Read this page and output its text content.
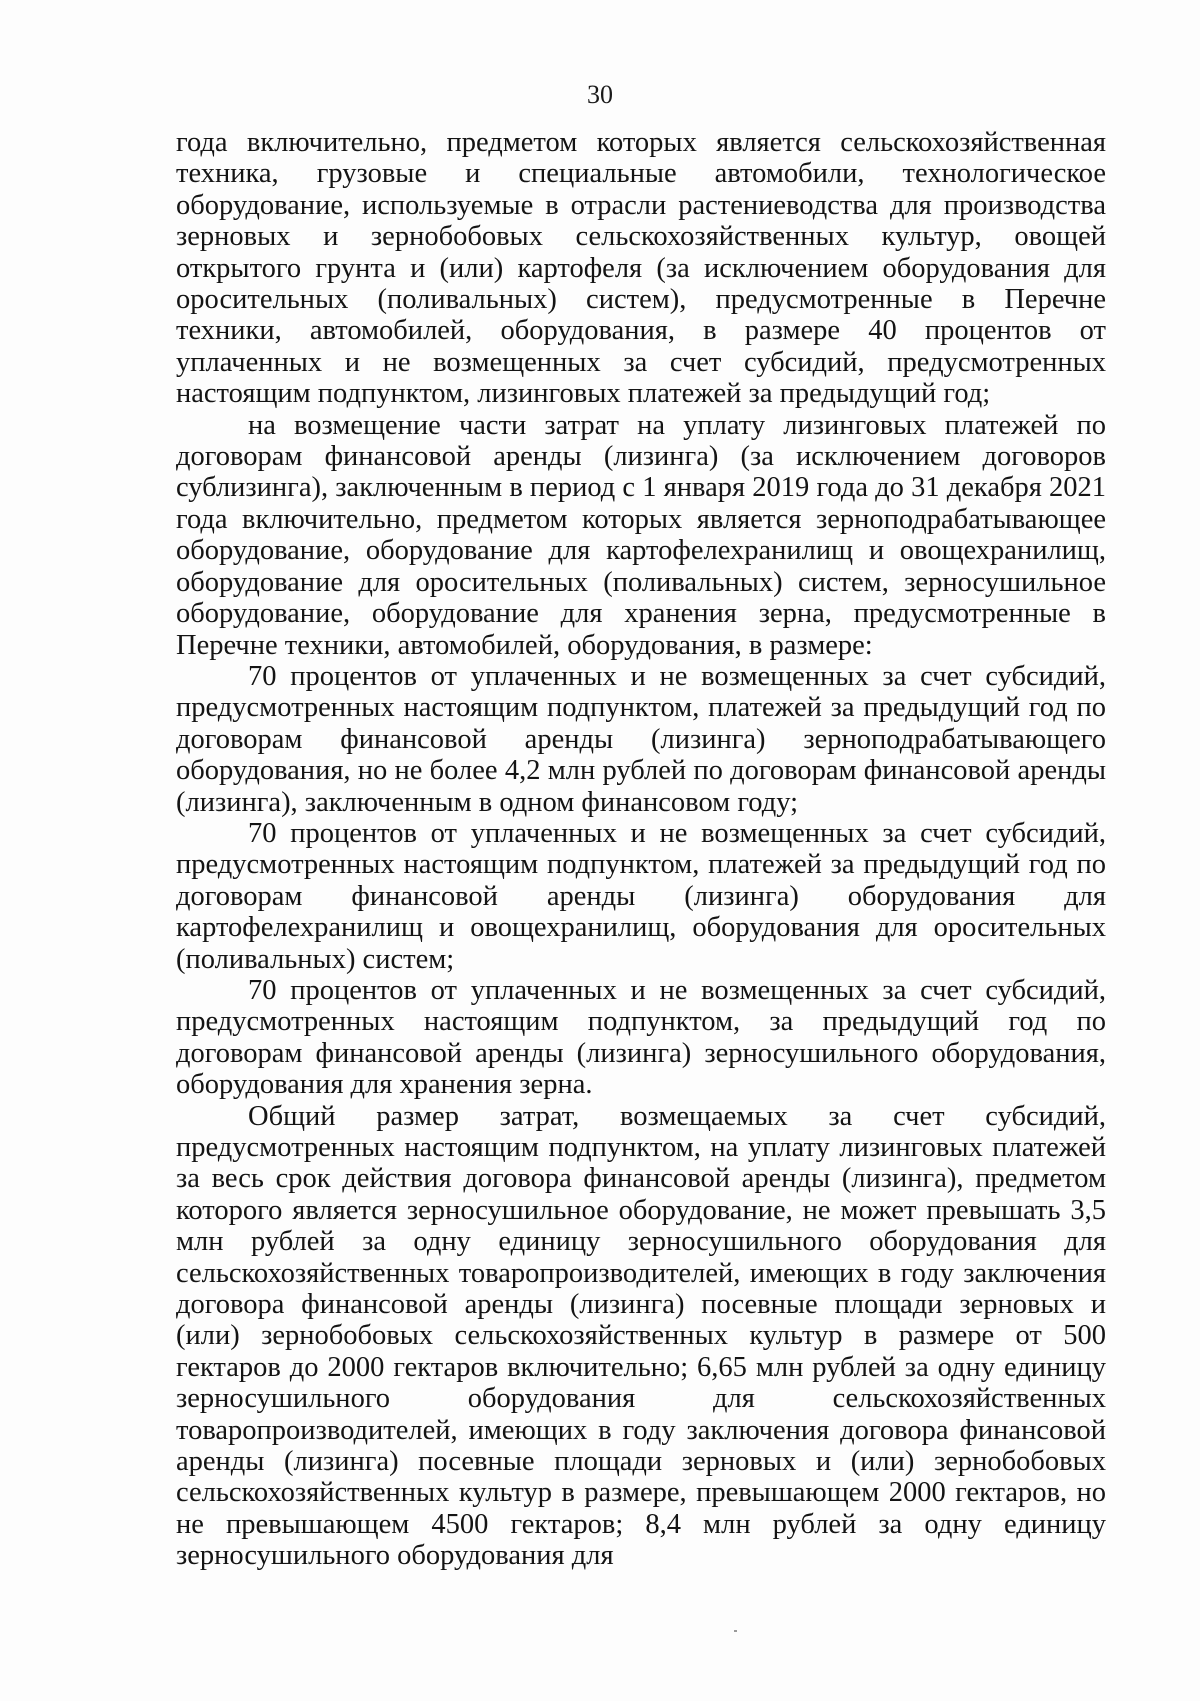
30

года включительно, предметом которых является сельскохозяйственная техника, грузовые и специальные автомобили, технологическое оборудование, используемые в отрасли растениеводства для производства зерновых и зернобобовых сельскохозяйственных культур, овощей открытого грунта и (или) картофеля (за исключением оборудования для оросительных (поливальных) систем), предусмотренные в Перечне техники, автомобилей, оборудования, в размере 40 процентов от уплаченных и не возмещенных за счет субсидий, предусмотренных настоящим подпунктом, лизинговых платежей за предыдущий год;

на возмещение части затрат на уплату лизинговых платежей по договорам финансовой аренды (лизинга) (за исключением договоров сублизинга), заключенным в период с 1 января 2019 года до 31 декабря 2021 года включительно, предметом которых является зерноподрабатывающее оборудование, оборудование для картофелехранилищ и овощехранилищ, оборудование для оросительных (поливальных) систем, зерносушильное оборудование, оборудование для хранения зерна, предусмотренные в Перечне техники, автомобилей, оборудования, в размере:

70 процентов от уплаченных и не возмещенных за счет субсидий, предусмотренных настоящим подпунктом, платежей за предыдущий год по договорам финансовой аренды (лизинга) зерноподрабатывающего оборудования, но не более 4,2 млн рублей по договорам финансовой аренды (лизинга), заключенным в одном финансовом году;

70 процентов от уплаченных и не возмещенных за счет субсидий, предусмотренных настоящим подпунктом, платежей за предыдущий год по договорам финансовой аренды (лизинга) оборудования для картофелехранилищ и овощехранилищ, оборудования для оросительных (поливальных) систем;

70 процентов от уплаченных и не возмещенных за счет субсидий, предусмотренных настоящим подпунктом, за предыдущий год по договорам финансовой аренды (лизинга) зерносушильного оборудования, оборудования для хранения зерна.

Общий размер затрат, возмещаемых за счет субсидий, предусмотренных настоящим подпунктом, на уплату лизинговых платежей за весь срок действия договора финансовой аренды (лизинга), предметом которого является зерносушильное оборудование, не может превышать 3,5 млн рублей за одну единицу зерносушильного оборудования для сельскохозяйственных товаропроизводителей, имеющих в году заключения договора финансовой аренды (лизинга) посевные площади зерновых и (или) зернобобовых сельскохозяйственных культур в размере от 500 гектаров до 2000 гектаров включительно; 6,65 млн рублей за одну единицу зерносушильного оборудования для сельскохозяйственных товаропроизводителей, имеющих в году заключения договора финансовой аренды (лизинга) посевные площади зерновых и (или) зернобобовых сельскохозяйственных культур в размере, превышающем 2000 гектаров, но не превышающем 4500 гектаров; 8,4 млн рублей за одну единицу зерносушильного оборудования для
